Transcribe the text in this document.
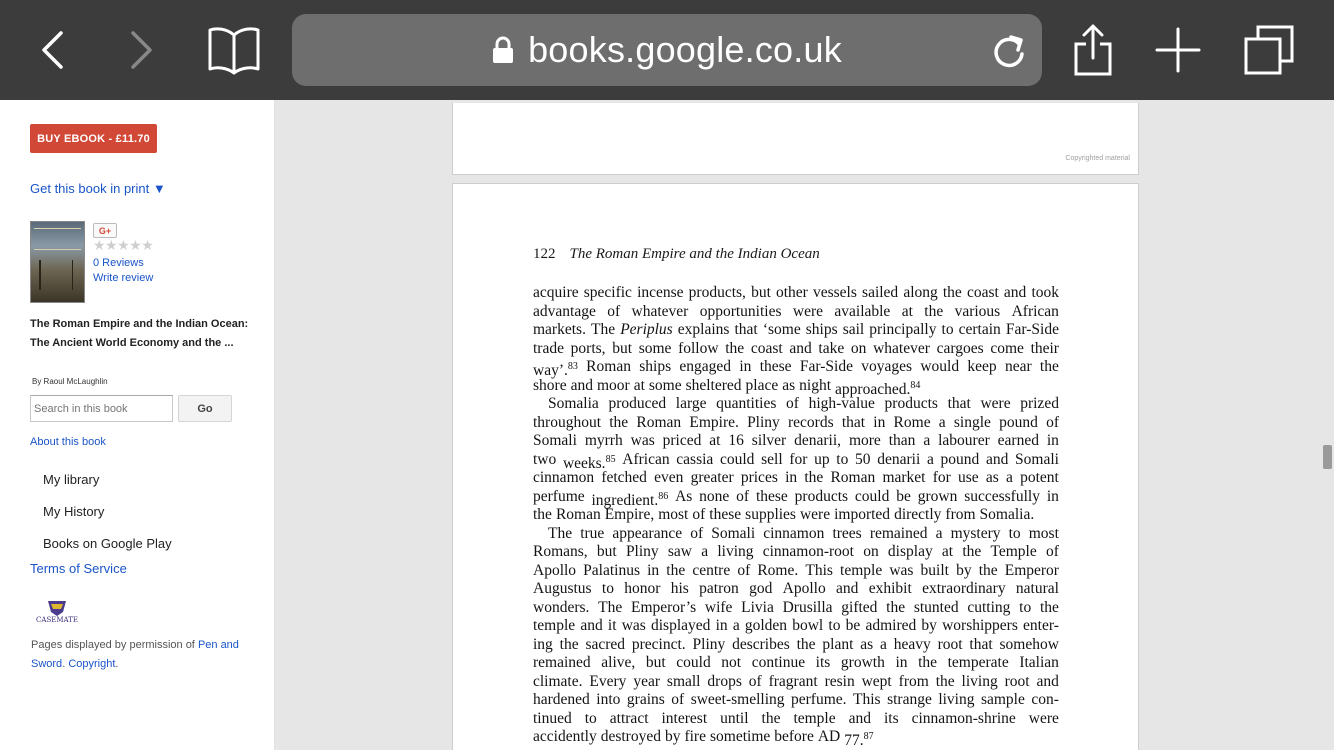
books.google.co.uk
BUY EBOOK - £11.70
Get this book in print ▼
G+
★★★★★
0 Reviews
Write review
The Roman Empire and the Indian Ocean: The Ancient World Economy and the ...
By Raoul McLaughlin
Search in this book
Go
About this book
My library
My History
Books on Google Play
Terms of Service
CASEMATE
Pages displayed by permission of Pen and Sword. Copyright.
Copyrighted material
122 The Roman Empire and the Indian Ocean
acquire specific incense products, but other vessels sailed along the coast and took
advantage of whatever opportunities were available at the various African
markets. The Periplus explains that ‘some ships sail principally to certain Far-Side
trade ports, but some follow the coast and take on whatever cargoes come their
way’.$^{83}$ Roman ships engaged in these Far-Side voyages would keep near the
shore and moor at some sheltered place as night approached.$^{84}$
Somalia produced large quantities of high-value products that were prized
throughout the Roman Empire. Pliny records that in Rome a single pound of
Somali myrrh was priced at 16 silver denarii, more than a labourer earned in
two weeks.$^{85}$ African cassia could sell for up to 50 denarii a pound and Somali
cinnamon fetched even greater prices in the Roman market for use as a potent
perfume ingredient.$^{86}$ As none of these products could be grown successfully in
the Roman Empire, most of these supplies were imported directly from Somalia.
The true appearance of Somali cinnamon trees remained a mystery to most
Romans, but Pliny saw a living cinnamon-root on display at the Temple of
Apollo Palatinus in the centre of Rome. This temple was built by the Emperor
Augustus to honor his patron god Apollo and exhibit extraordinary natural
wonders. The Emperor’s wife Livia Drusilla gifted the stunted cutting to the
temple and it was displayed in a golden bowl to be admired by worshippers enter-
ing the sacred precinct. Pliny describes the plant as a heavy root that somehow
remained alive, but could not continue its growth in the temperate Italian
climate. Every year small drops of fragrant resin wept from the living root and
hardened into grains of sweet-smelling perfume. This strange living sample con-
tinued to attract interest until the temple and its cinnamon-shrine were
accidently destroyed by fire sometime before AD 77.87
